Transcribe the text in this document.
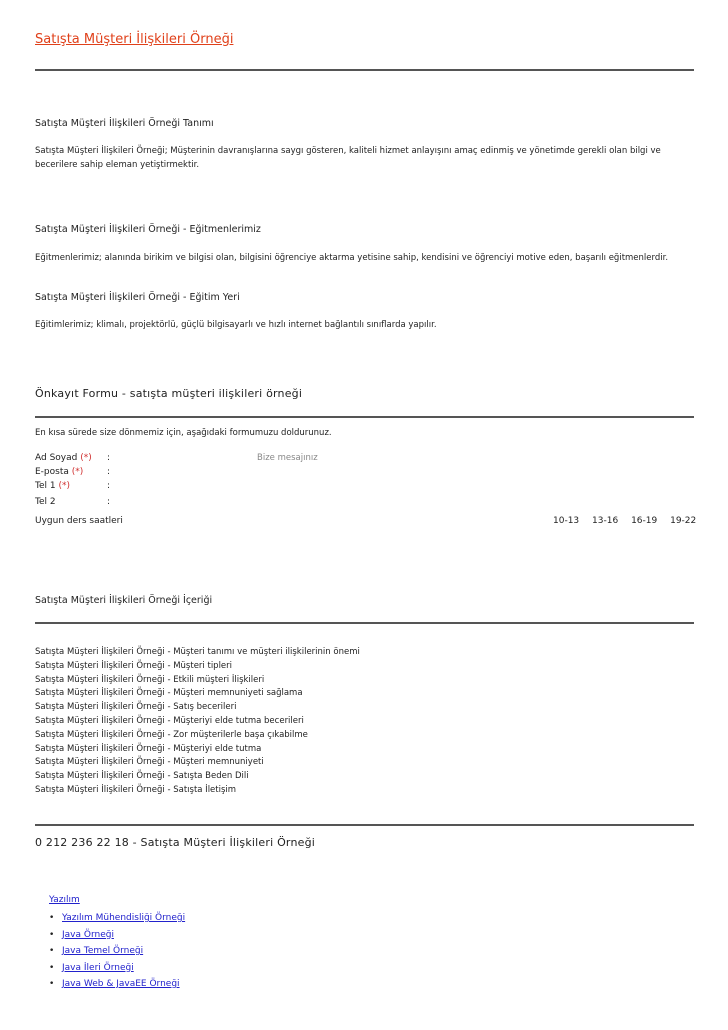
Satışta Müşteri İlişkileri Örneği
Satışta Müşteri İlişkileri Örneği Tanımı
Satışta Müşteri İlişkileri Örneği; Müşterinin davranışlarına saygı gösteren, kaliteli hizmet anlayışını amaç edinmiş ve yönetimde gerekli olan bilgi ve becerilere sahip eleman yetiştirmektir.
Satışta Müşteri İlişkileri Örneği - Eğitmenlerimiz
Eğitmenlerimiz; alanında birikim ve bilgisi olan, bilgisini öğrenciye aktarma yetisine sahip, kendisini ve öğrenciyi motive eden, başarılı eğitmenlerdir.
Satışta Müşteri İlişkileri Örneği - Eğitim Yeri
Eğitimlerimiz; klimalı, projektörlü, güçlü bilgisayarlı ve hızlı internet bağlantılı sınıflarda yapılır.
Önkayıt Formu - satışta müşteri ilişkileri örneği
En kısa sürede size dönmemiz için, aşağıdaki formumuzu doldurunuz.
Ad Soyad (*) :
E-posta (*)	:
Tel 1 (*)	:
Tel 2	:
Bize mesajınız
Uygun ders saatleri	10-13 13-16 16-19 19-22
Satışta Müşteri İlişkileri Örneği İçeriği
Satışta Müşteri İlişkileri Örneği - Müşteri tanımı ve müşteri ilişkilerinin önemi
Satışta Müşteri İlişkileri Örneği - Müşteri tipleri
Satışta Müşteri İlişkileri Örneği - Etkili müşteri İlişkileri
Satışta Müşteri İlişkileri Örneği - Müşteri memnuniyeti sağlama
Satışta Müşteri İlişkileri Örneği - Satış becerileri
Satışta Müşteri İlişkileri Örneği - Müşteriyi elde tutma becerileri
Satışta Müşteri İlişkileri Örneği - Zor müşterilerle başa çıkabilme
Satışta Müşteri İlişkileri Örneği - Müşteriyi elde tutma
Satışta Müşteri İlişkileri Örneği - Müşteri memnuniyeti
Satışta Müşteri İlişkileri Örneği - Satışta Beden Dili
Satışta Müşteri İlişkileri Örneği - Satışta İletişim
0 212 236 22 18 - Satışta Müşteri İlişkileri Örneği
Yazılım
• Yazılım Mühendisliği Örneği
• Java Örneği
• Java Temel Örneği
• Java İleri Örneği
• Java Web & JavaEE Örneği
